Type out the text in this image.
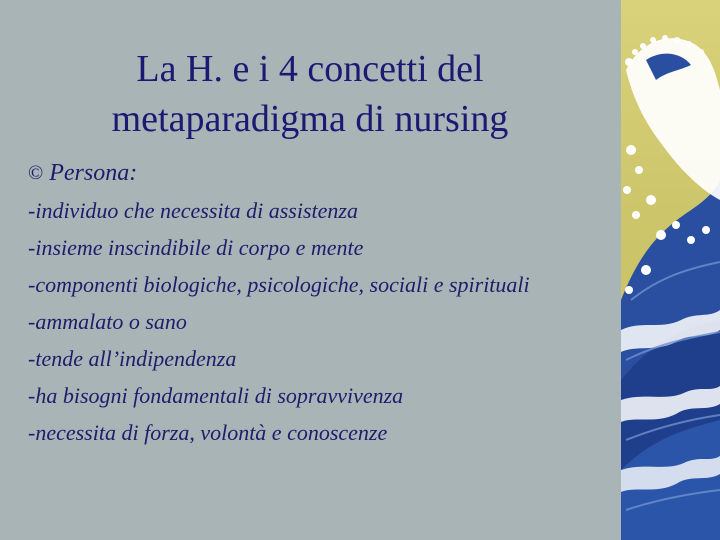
La H. e i 4 concetti del
metaparadigma di nursing
© Persona:
-individuo che necessita di assistenza
-insieme inscindibile di corpo e mente
-componenti biologiche, psicologiche, sociali e spirituali
-ammalato o sano
-tende all’indipendenza
-ha bisogni fondamentali di sopravvivenza
-necessita di forza, volontà e conoscenze
